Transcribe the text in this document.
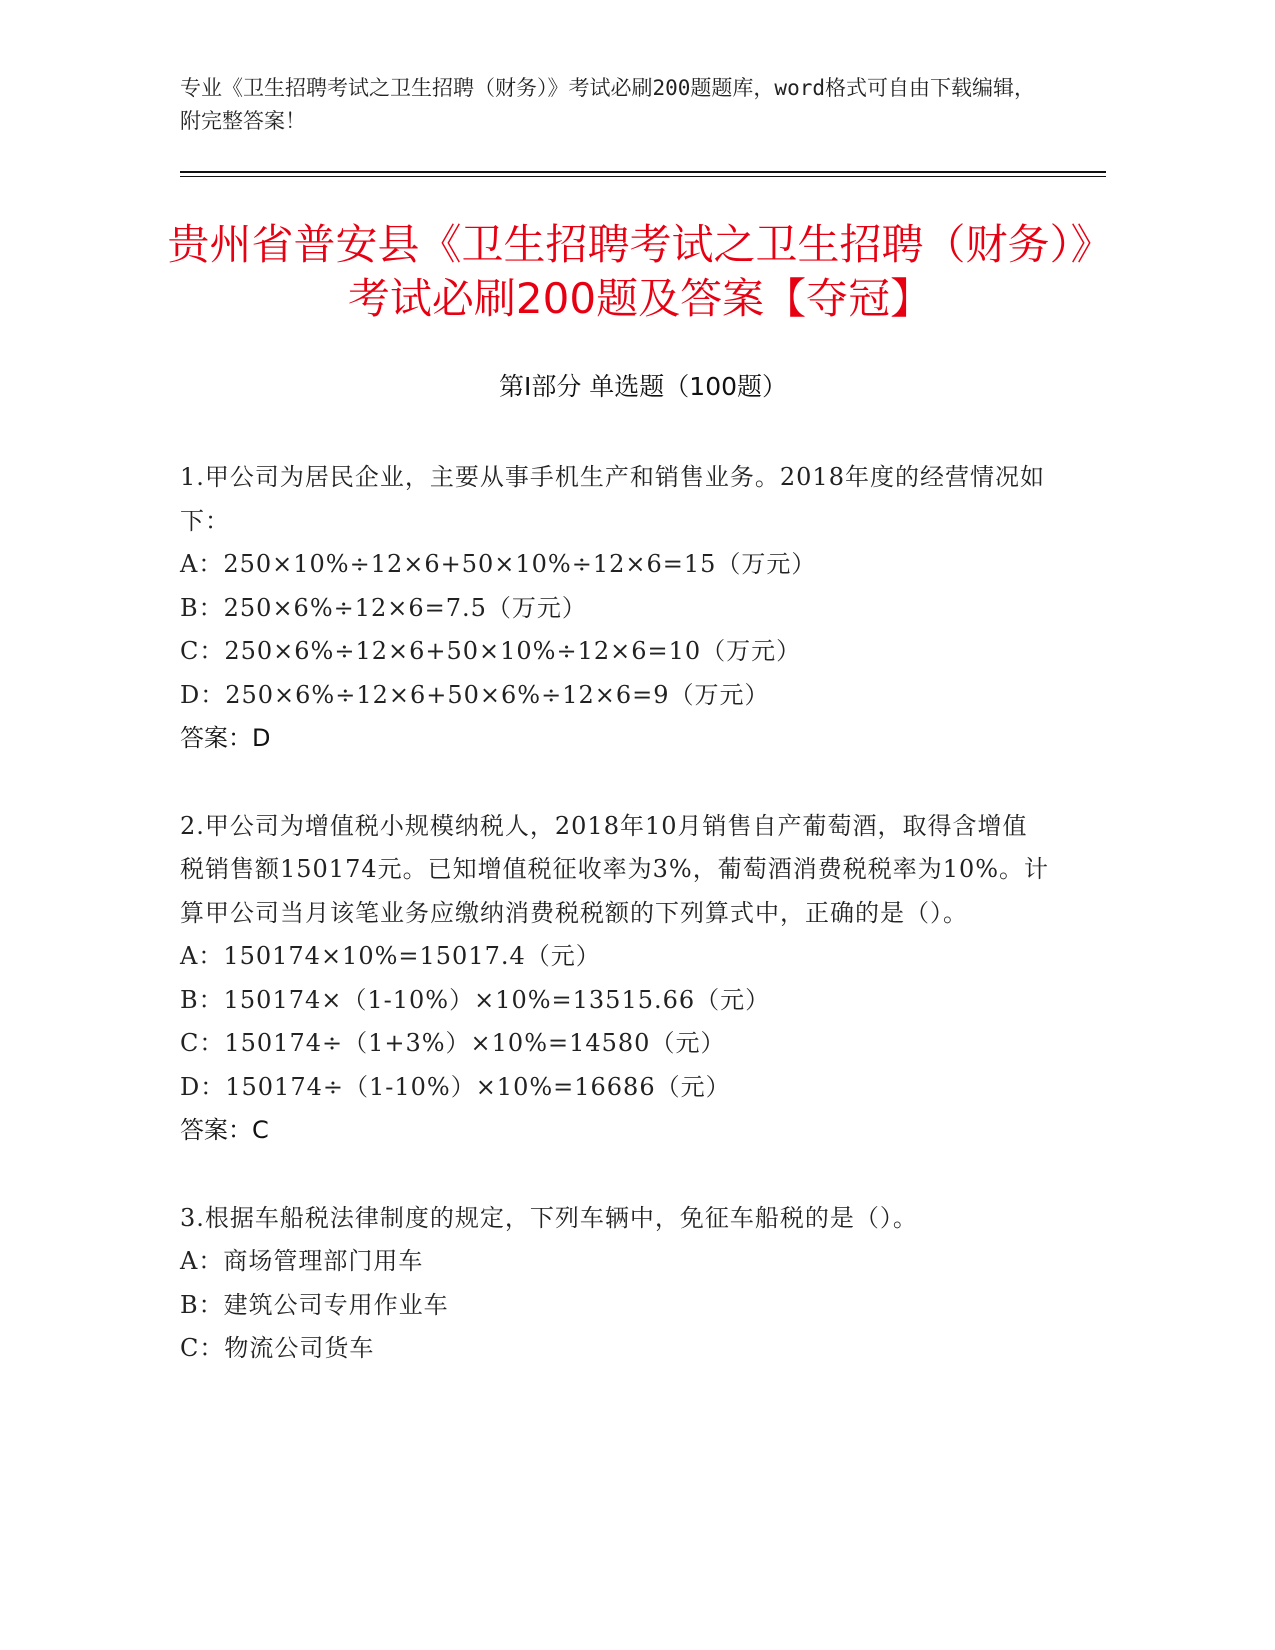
专业《卫生招聘考试之卫生招聘（财务）》考试必刷200题题库，word格式可自由下载编辑，附完整答案！
贵州省普安县《卫生招聘考试之卫生招聘（财务）》考试必刷200题及答案【夺冠】
第Ⅰ部分 单选题（100题）
1.甲公司为居民企业，主要从事手机生产和销售业务。2018年度的经营情况如下：
A：250×10%÷12×6+50×10%÷12×6=15（万元）
B：250×6%÷12×6=7.5（万元）
C：250×6%÷12×6+50×10%÷12×6=10（万元）
D：250×6%÷12×6+50×6%÷12×6=9（万元）
答案：D
2.甲公司为增值税小规模纳税人，2018年10月销售自产葡萄酒，取得含增值税销售额150174元。已知增值税征收率为3%，葡萄酒消费税税率为10%。计算甲公司当月该笔业务应缴纳消费税税额的下列算式中，正确的是（）。
A：150174×10%=15017.4（元）
B：150174×（1-10%）×10%=13515.66（元）
C：150174÷（1+3%）×10%=14580（元）
D：150174÷（1-10%）×10%=16686（元）
答案：C
3.根据车船税法律制度的规定，下列车辆中，免征车船税的是（）。
A：商场管理部门用车
B：建筑公司专用作业车
C：物流公司货车
